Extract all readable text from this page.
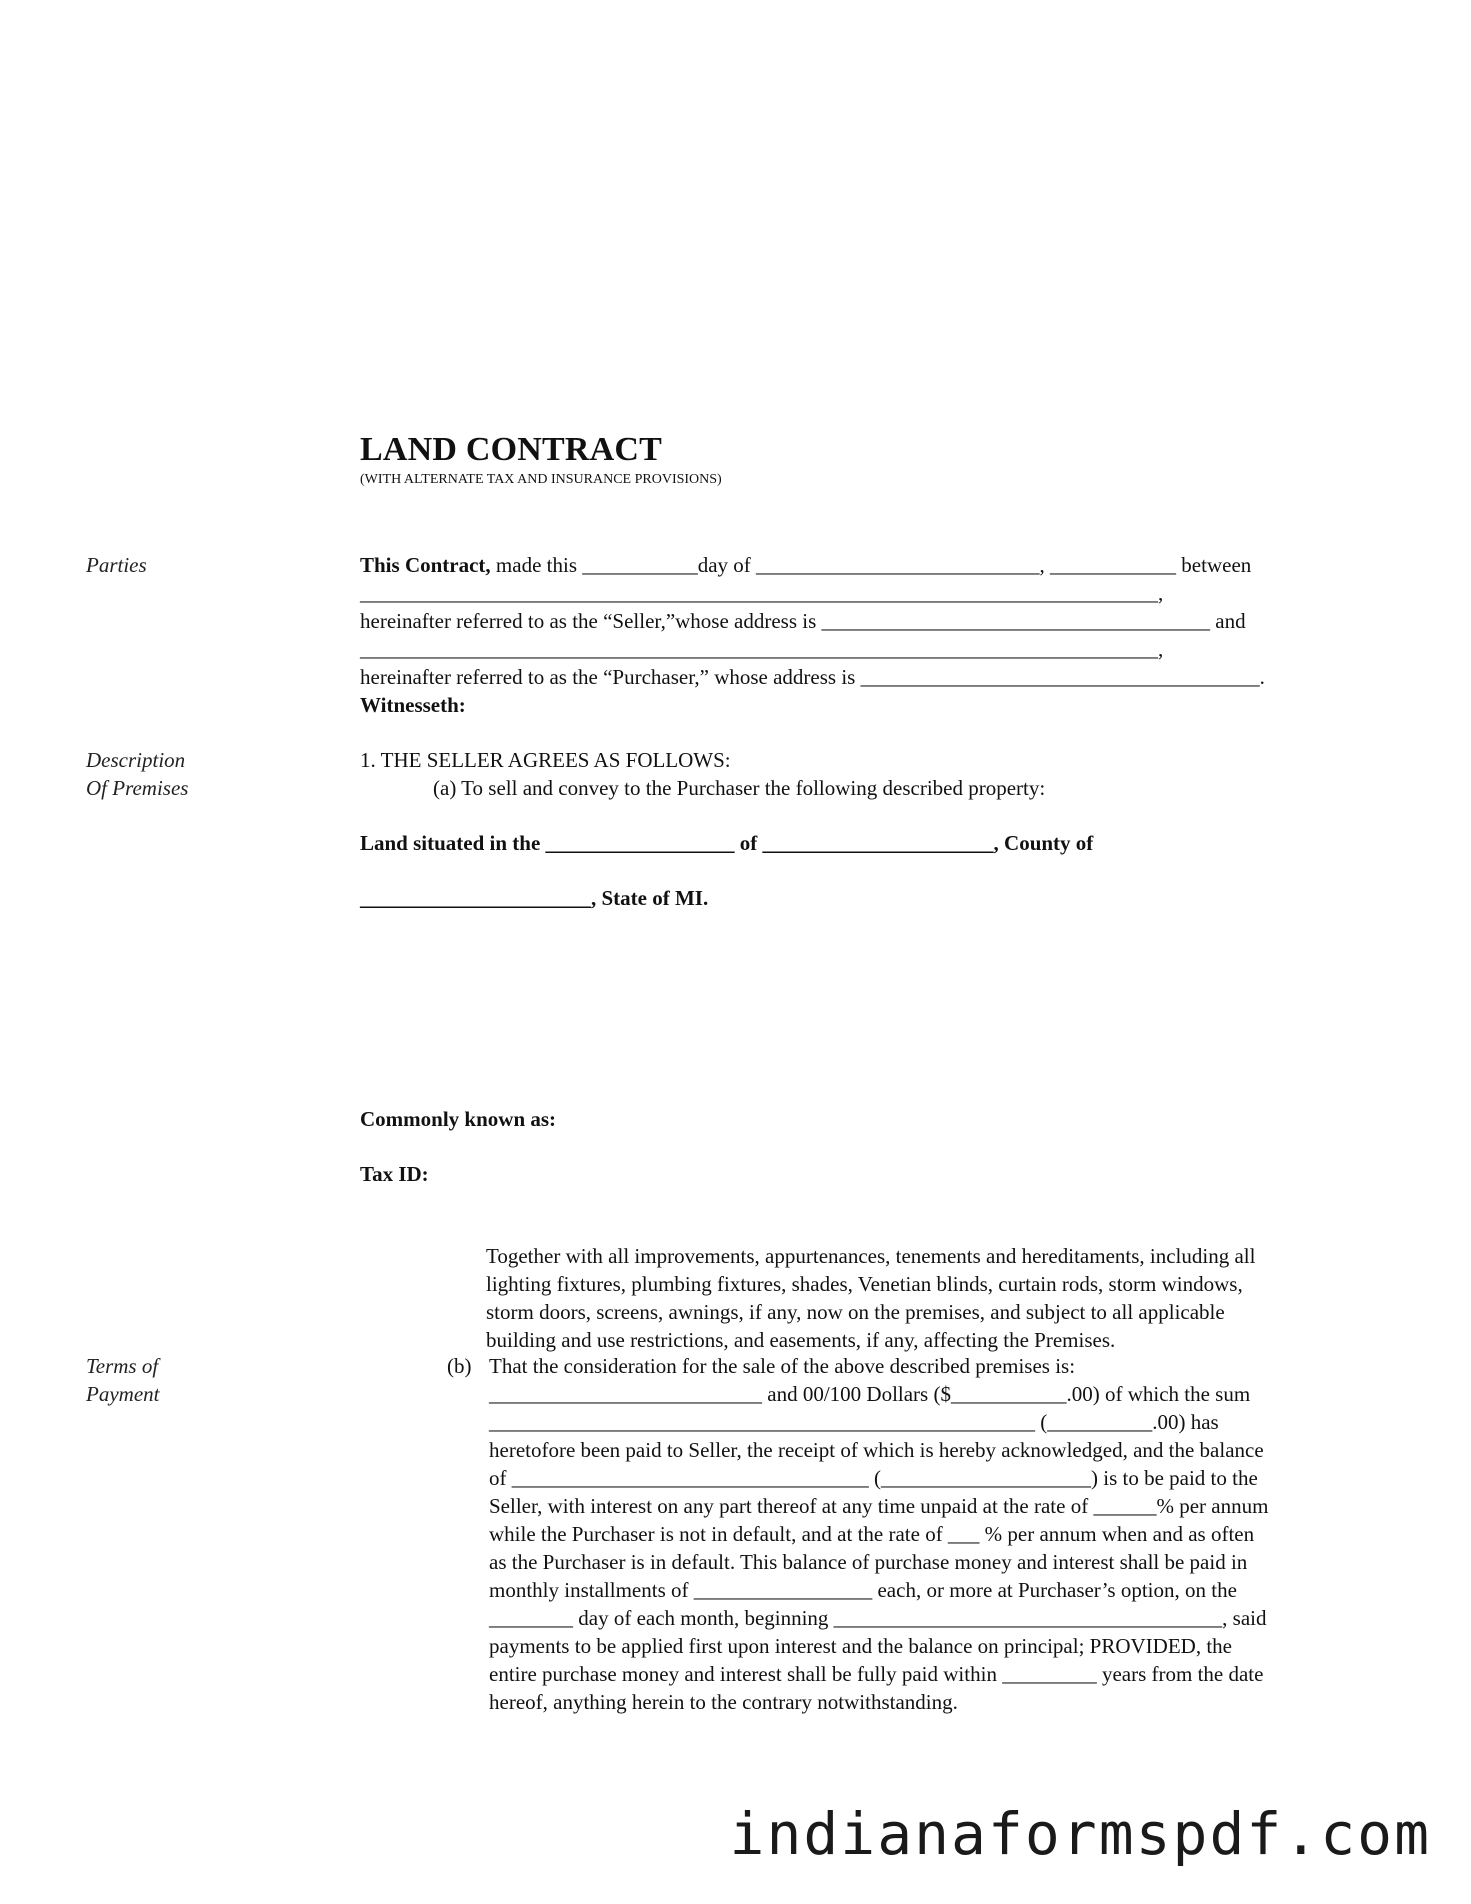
LAND CONTRACT
(WITH ALTERNATE TAX AND INSURANCE PROVISIONS)
Parties
Description
Of Premises
Terms of
Payment
This Contract, made this ___________day of ___________________________, ____________ between
____________________________________________________________________________,
hereinafter referred to as the “Seller,”whose address is _____________________________________ and
____________________________________________________________________________,
hereinafter referred to as the “Purchaser,” whose address is ______________________________________.
Witnesseth:
1. THE SELLER AGREES AS FOLLOWS:
(a) To sell and convey to the Purchaser the following described property:
Land situated in the __________________ of ______________________, County of
______________________, State of MI.
Commonly known as:
Tax ID:
Together with all improvements, appurtenances, tenements and hereditaments, including all
lighting fixtures, plumbing fixtures, shades, Venetian blinds, curtain rods, storm windows,
storm doors, screens, awnings, if any, now on the premises, and subject to all applicable
building and use restrictions, and easements, if any, affecting the Premises.
(b) That the consideration for the sale of the above described premises is:
__________________________ and 00/100 Dollars ($___________.00) of which the sum
____________________________________________________ (__________.00) has
heretofore been paid to Seller, the receipt of which is hereby acknowledged, and the balance
of __________________________________ (____________________) is to be paid to the
Seller, with interest on any part thereof at any time unpaid at the rate of ______% per annum
while the Purchaser is not in default, and at the rate of ___ % per annum when and as often
as the Purchaser is in default. This balance of purchase money and interest shall be paid in
monthly installments of _________________ each, or more at Purchaser’s option, on the
________ day of each month, beginning _____________________________________, said
payments to be applied first upon interest and the balance on principal; PROVIDED, the
entire purchase money and interest shall be fully paid within _________ years from the date
hereof, anything herein to the contrary notwithstanding.
indianaformspdf.com
